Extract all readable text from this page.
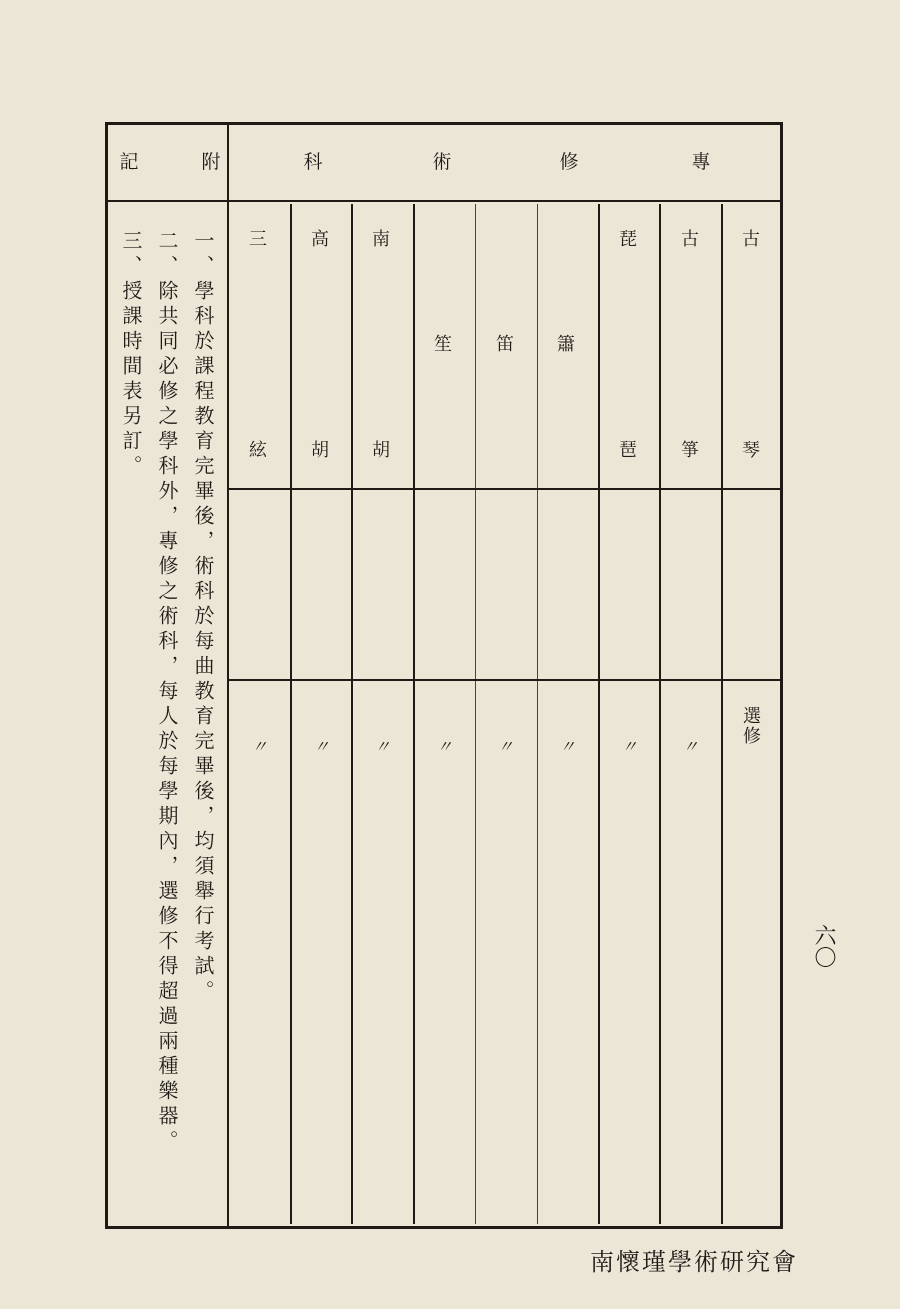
附
記	專
修
術
科
古
琴
古
箏
琵
琶
簫
笛
笙
南
胡
高
胡
三
絃
選修
〃
〃
〃
〃
〃
〃
〃
〃
一、學科於課程教育完畢後，術科於每曲教育完畢後，均須舉行考試。
二、除共同必修之學科外，專修之術科，每人於每學期內，選修不得超過兩種樂器。
三、授課時間表另訂。
六〇
南懷瑾學術研究會
